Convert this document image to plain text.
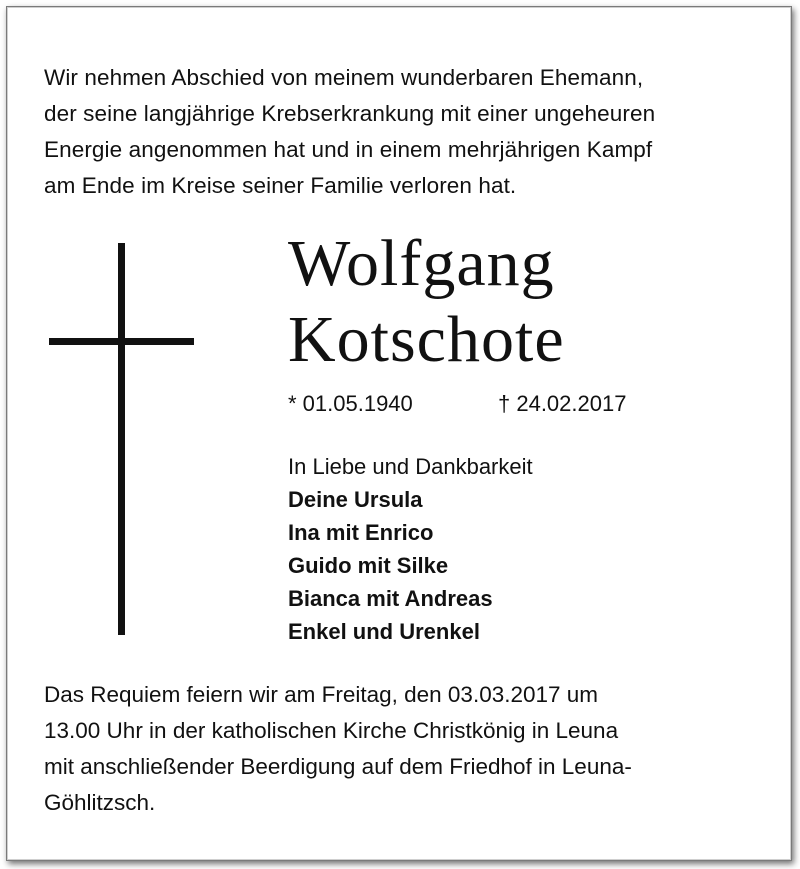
Wir nehmen Abschied von meinem wunderbaren Ehemann,
der seine langjährige Krebserkrankung mit einer ungeheuren
Energie angenommen hat und in einem mehrjährigen Kampf
am Ende im Kreise seiner Familie verloren hat.
Wolfgang
Kotschote
* 01.05.1940	† 24.02.2017
In Liebe und Dankbarkeit
Deine Ursula
Ina mit Enrico
Guido mit Silke
Bianca mit Andreas
Enkel und Urenkel
Das Requiem feiern wir am Freitag, den 03.03.2017 um
13.00 Uhr in der katholischen Kirche Christkönig in Leuna
mit anschließender Beerdigung auf dem Friedhof in Leuna-
Göhlitzsch.
